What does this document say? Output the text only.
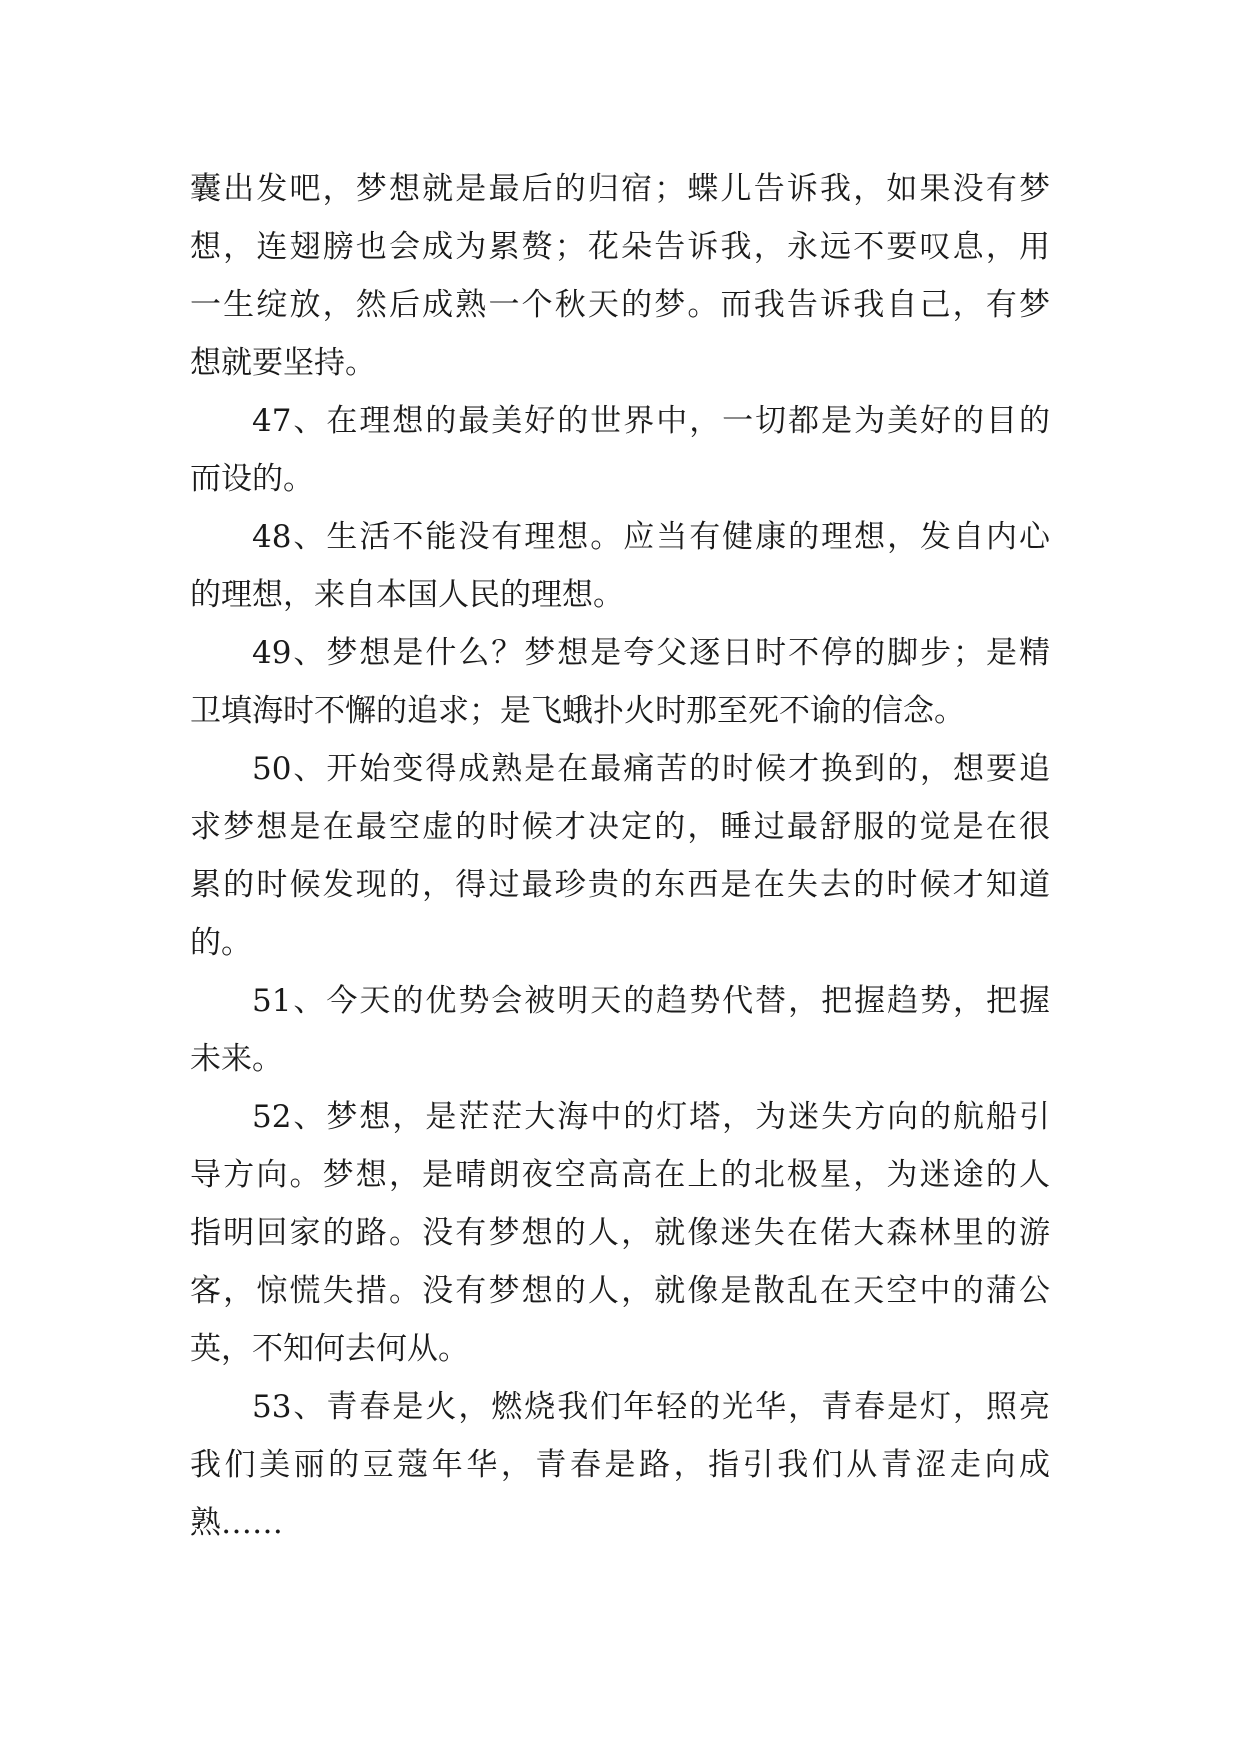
囊出发吧，梦想就是最后的归宿；蝶儿告诉我，如果没有梦
想，连翅膀也会成为累赘；花朵告诉我，永远不要叹息，用
一生绽放，然后成熟一个秋天的梦。而我告诉我自己，有梦
想就要坚持。
47、在理想的最美好的世界中，一切都是为美好的目的
而设的。
48、生活不能没有理想。应当有健康的理想，发自内心
的理想，来自本国人民的理想。
49、梦想是什么？梦想是夸父逐日时不停的脚步；是精
卫填海时不懈的追求；是飞蛾扑火时那至死不谕的信念。
50、开始变得成熟是在最痛苦的时候才换到的，想要追
求梦想是在最空虚的时候才决定的，睡过最舒服的觉是在很
累的时候发现的，得过最珍贵的东西是在失去的时候才知道
的。
51、今天的优势会被明天的趋势代替，把握趋势，把握
未来。
52、梦想，是茫茫大海中的灯塔，为迷失方向的航船引
导方向。梦想，是晴朗夜空高高在上的北极星，为迷途的人
指明回家的路。没有梦想的人，就像迷失在偌大森林里的游
客，惊慌失措。没有梦想的人，就像是散乱在天空中的蒲公
英，不知何去何从。
53、青春是火，燃烧我们年轻的光华，青春是灯，照亮
我们美丽的豆蔻年华，青春是路，指引我们从青涩走向成
熟……
